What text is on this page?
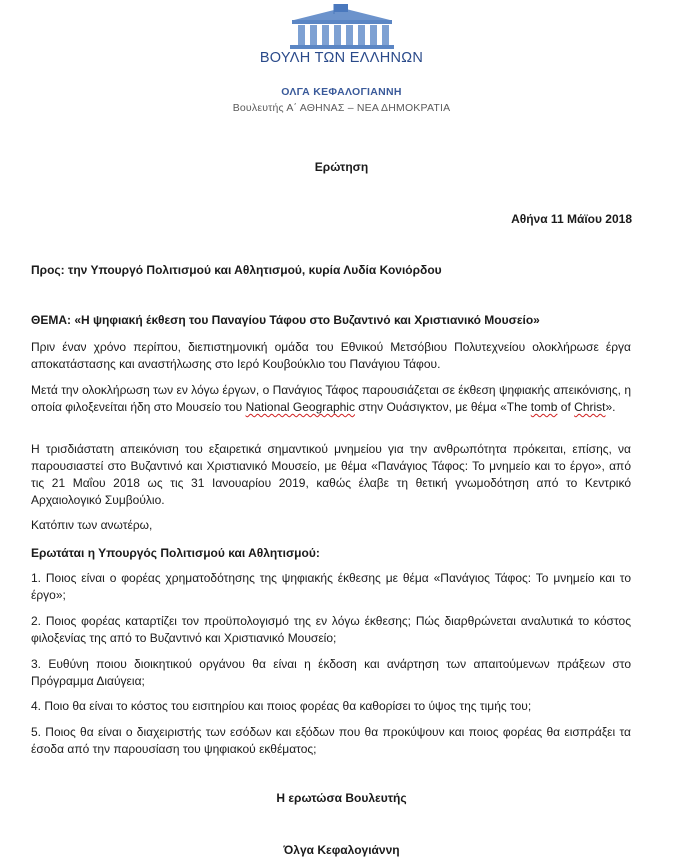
ΒΟΥΛΗ ΤΩΝ ΕΛΛΗΝΩΝ
ΟΛΓΑ ΚΕΦΑΛΟΓΙΑΝΝΗ
Βουλευτής Α΄ ΑΘΗΝΑΣ – ΝΕΑ ΔΗΜΟΚΡΑΤΙΑ
Ερώτηση
Αθήνα 11 Μάϊου 2018
Προς: την Υπουργό Πολιτισμού και Αθλητισμού, κυρία Λυδία Κονιόρδου
ΘΕΜΑ: «Η ψηφιακή έκθεση του Παναγίου Τάφου στο Βυζαντινό και Χριστιανικό Μουσείο»
Πριν έναν χρόνο περίπου, διεπιστημονική ομάδα του Εθνικού Μετσόβιου Πολυτεχνείου ολοκλήρωσε έργα αποκατάστασης και αναστήλωσης στο Ιερό Κουβούκλιο του Πανάγιου Τάφου.
Μετά την ολοκλήρωση των εν λόγω έργων, ο Πανάγιος Τάφος παρουσιάζεται σε έκθεση ψηφιακής απεικόνισης, η οποία φιλοξενείται ήδη στο Μουσείο του National Geographic στην Ουάσιγκτον, με θέμα «The tomb of Christ».
Η τρισδιάστατη απεικόνιση του εξαιρετικά σημαντικού μνημείου για την ανθρωπότητα πρόκειται, επίσης, να παρουσιαστεί στο Βυζαντινό και Χριστιανικό Μουσείο, με θέμα «Πανάγιος Τάφος: Το μνημείο και το έργο», από τις 21 Μαΐου 2018 ως τις 31 Ιανουαρίου 2019, καθώς έλαβε τη θετική γνωμοδότηση από το Κεντρικό Αρχαιολογικό Συμβούλιο.
Κατόπιν των ανωτέρω,
Ερωτάται η Υπουργός Πολιτισμού και Αθλητισμού:
1. Ποιος είναι ο φορέας χρηματοδότησης της ψηφιακής έκθεσης με θέμα «Πανάγιος Τάφος: Το μνημείο και το έργο»;
2. Ποιος φορέας καταρτίζει τον προϋπολογισμό της εν λόγω έκθεσης; Πώς διαρθρώνεται αναλυτικά το κόστος φιλοξενίας της από το Βυζαντινό και Χριστιανικό Μουσείο;
3. Ευθύνη ποιου διοικητικού οργάνου θα είναι η έκδοση και ανάρτηση των απαιτούμενων πράξεων στο Πρόγραμμα Διαύγεια;
4. Ποιο θα είναι το κόστος του εισιτηρίου και ποιος φορέας θα καθορίσει το ύψος της τιμής του;
5. Ποιος θα είναι ο διαχειριστής των εσόδων και εξόδων που θα προκύψουν και ποιος φορέας θα εισπράξει τα έσοδα από την παρουσίαση του ψηφιακού εκθέματος;
Η ερωτώσα Βουλευτής
Όλγα Κεφαλογιάννη
